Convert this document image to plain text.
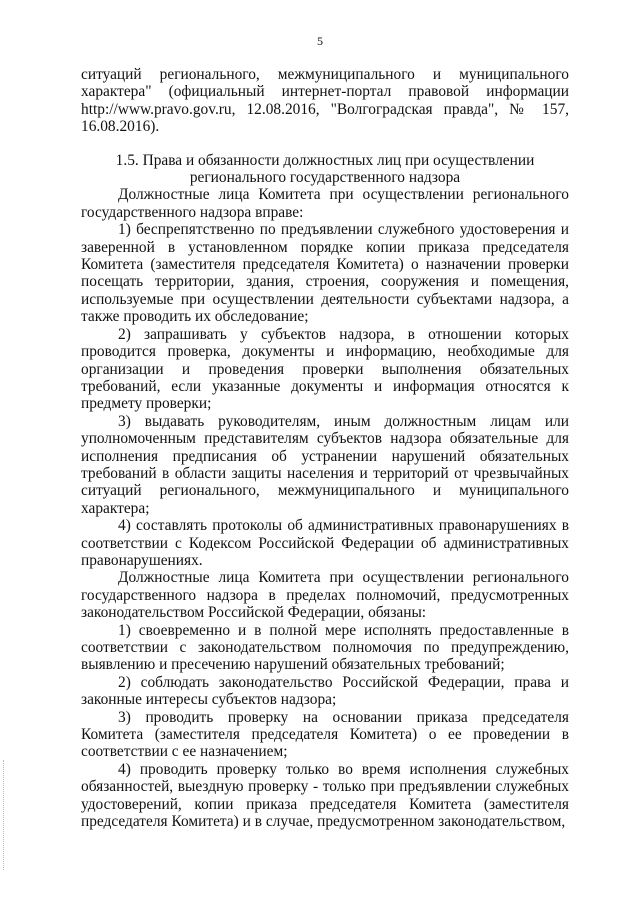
5

ситуаций регионального, межмуниципального и муниципального характера" (официальный интернет-портал правовой информации http://www.pravo.gov.ru, 12.08.2016, "Волгоградская правда", № 157, 16.08.2016).

1.5. Права и обязанности должностных лиц при осуществлении
регионального государственного надзора

Должностные лица Комитета при осуществлении регионального государственного надзора вправе:

1) беспрепятственно по предъявлении служебного удостоверения и заверенной в установленном порядке копии приказа председателя Комитета (заместителя председателя Комитета) о назначении проверки посещать территории, здания, строения, сооружения и помещения, используемые при осуществлении деятельности субъектами надзора, а также проводить их обследование;

2) запрашивать у субъектов надзора, в отношении которых проводится проверка, документы и информацию, необходимые для организации и проведения проверки выполнения обязательных требований, если указанные документы и информация относятся к предмету проверки;

3) выдавать руководителям, иным должностным лицам или уполномоченным представителям субъектов надзора обязательные для исполнения предписания об устранении нарушений обязательных требований в области защиты населения и территорий от чрезвычайных ситуаций регионального, межмуниципального и муниципального характера;

4) составлять протоколы об административных правонарушениях в соответствии с Кодексом Российской Федерации об административных правонарушениях.

Должностные лица Комитета при осуществлении регионального государственного надзора в пределах полномочий, предусмотренных законодательством Российской Федерации, обязаны:

1) своевременно и в полной мере исполнять предоставленные в соответствии с законодательством полномочия по предупреждению, выявлению и пресечению нарушений обязательных требований;

2) соблюдать законодательство Российской Федерации, права и законные интересы субъектов надзора;

3) проводить проверку на основании приказа председателя Комитета (заместителя председателя Комитета) о ее проведении в соответствии с ее назначением;

4) проводить проверку только во время исполнения служебных обязанностей, выездную проверку - только при предъявлении служебных удостоверений, копии приказа председателя Комитета (заместителя председателя Комитета) и в случае, предусмотренном законодательством,
